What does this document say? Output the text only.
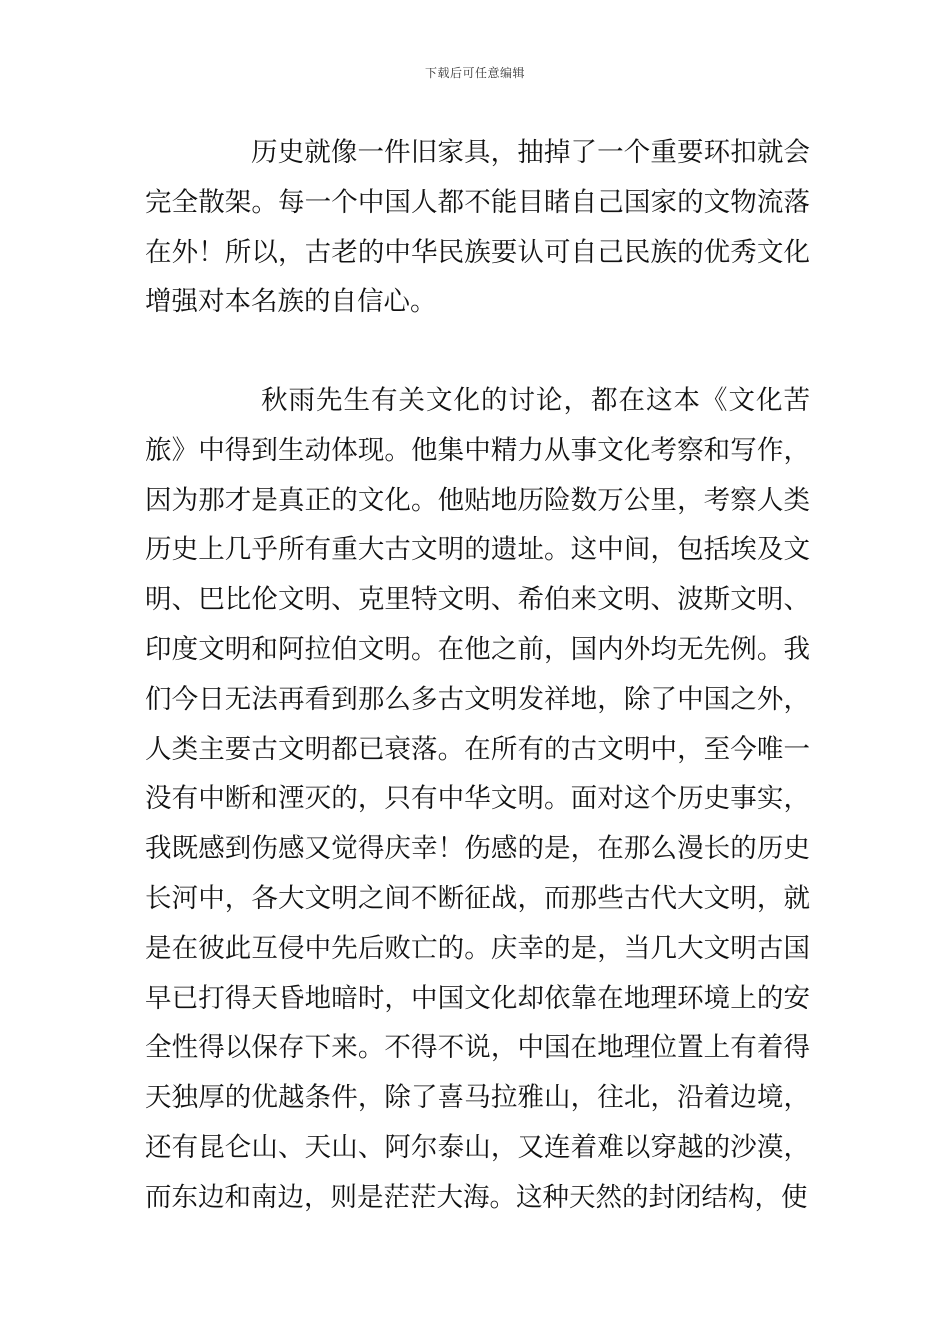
下载后可任意编辑

历史就像一件旧家具，抽掉了一个重要环扣就会完全散架。每一个中国人都不能目睹自己国家的文物流落在外！所以，古老的中华民族要认可自己民族的优秀文化增强对本名族的自信心。

秋雨先生有关文化的讨论，都在这本《文化苦旅》中得到生动体现。他集中精力从事文化考察和写作，因为那才是真正的文化。他贴地历险数万公里，考察人类历史上几乎所有重大古文明的遗址。这中间，包括埃及文明、巴比伦文明、克里特文明、希伯来文明、波斯文明、印度文明和阿拉伯文明。在他之前，国内外均无先例。我们今日无法再看到那么多古文明发祥地，除了中国之外，人类主要古文明都已衰落。在所有的古文明中，至今唯一没有中断和湮灭的，只有中华文明。面对这个历史事实，我既感到伤感又觉得庆幸！伤感的是，在那么漫长的历史长河中，各大文明之间不断征战，而那些古代大文明，就是在彼此互侵中先后败亡的。庆幸的是，当几大文明古国早已打得天昏地暗时，中国文化却依靠在地理环境上的安全性得以保存下来。不得不说，中国在地理位置上有着得天独厚的优越条件，除了喜马拉雅山，往北，沿着边境，还有昆仑山、天山、阿尔泰山，又连着难以穿越的沙漠，而东边和南边，则是茫茫大海。这种天然的封闭结构，使
